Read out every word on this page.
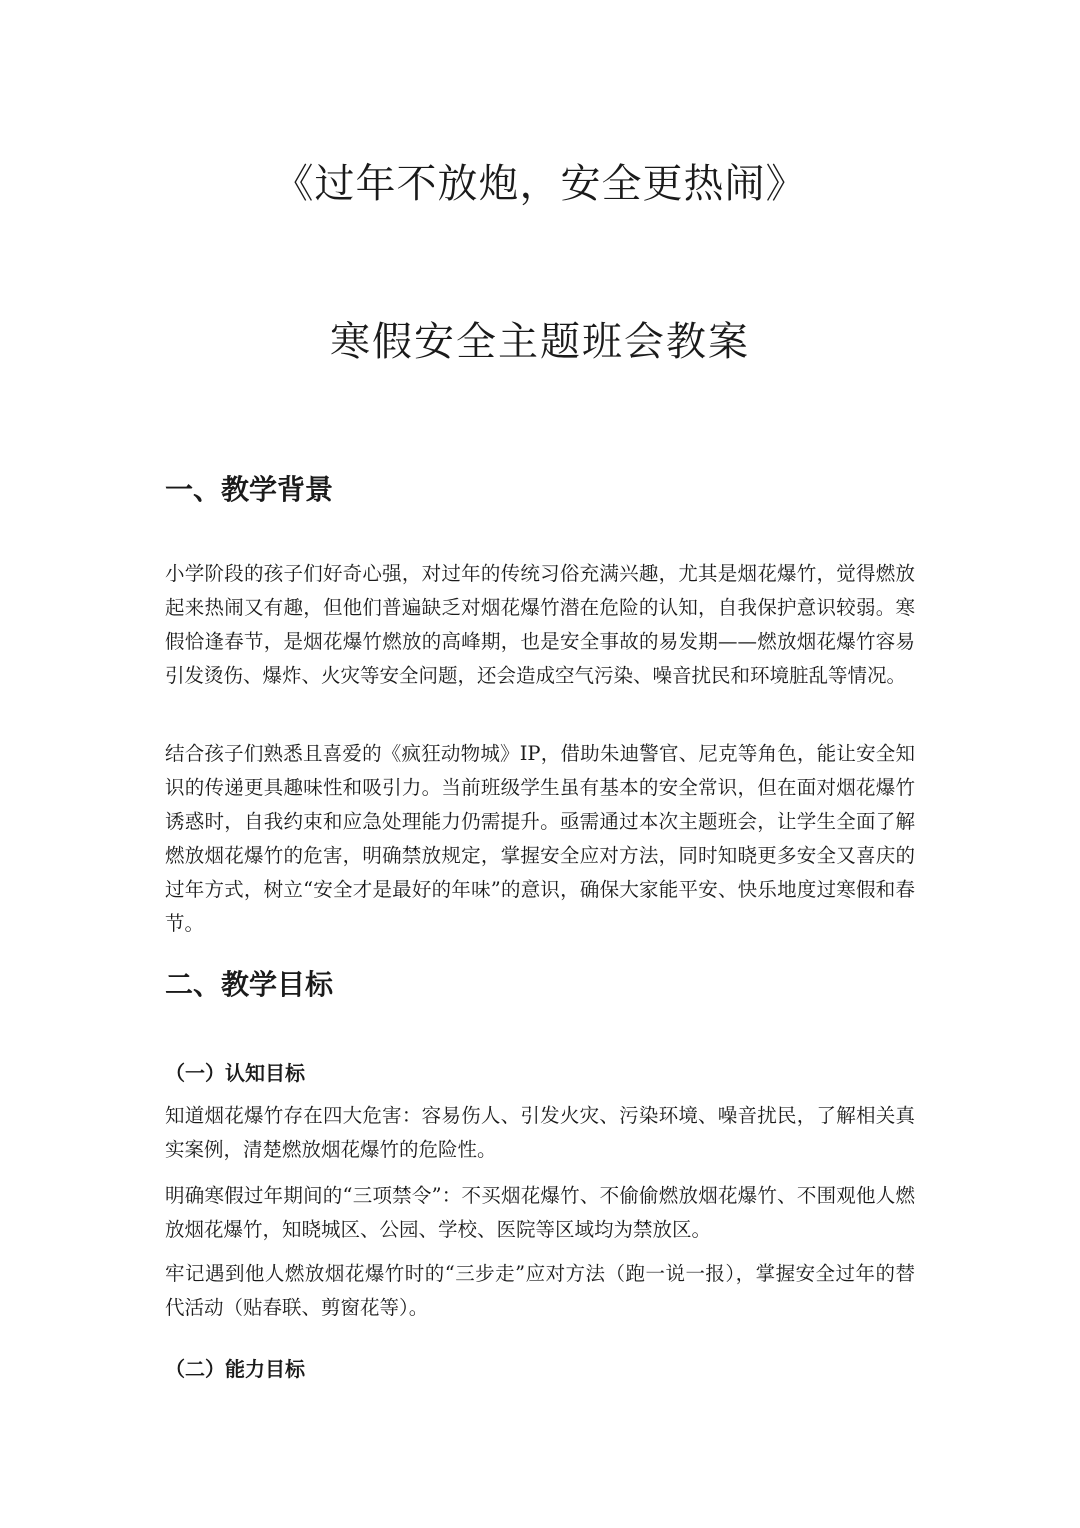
《过年不放炮，安全更热闹》
寒假安全主题班会教案
一、教学背景

小学阶段的孩子们好奇心强，对过年的传统习俗充满兴趣，尤其是烟花爆竹，觉得燃放起来热闹又有趣，但他们普遍缺乏对烟花爆竹潜在危险的认知，自我保护意识较弱。寒假恰逢春节，是烟花爆竹燃放的高峰期，也是安全事故的易发期——燃放烟花爆竹容易引发烫伤、爆炸、火灾等安全问题，还会造成空气污染、噪音扰民和环境脏乱等情况。

结合孩子们熟悉且喜爱的《疯狂动物城》IP，借助朱迪警官、尼克等角色，能让安全知识的传递更具趣味性和吸引力。当前班级学生虽有基本的安全常识，但在面对烟花爆竹诱惑时，自我约束和应急处理能力仍需提升。亟需通过本次主题班会，让学生全面了解燃放烟花爆竹的危害，明确禁放规定，掌握安全应对方法，同时知晓更多安全又喜庆的过年方式，树立“安全才是最好的年味”的意识，确保大家能平安、快乐地度过寒假和春节。

二、教学目标
（一）认知目标

知道烟花爆竹存在四大危害：容易伤人、引发火灾、污染环境、噪音扰民，了解相关真实案例，清楚燃放烟花爆竹的危险性。

明确寒假过年期间的“三项禁令”：不买烟花爆竹、不偷偷燃放烟花爆竹、不围观他人燃放烟花爆竹，知晓城区、公园、学校、医院等区域均为禁放区。

牢记遇到他人燃放烟花爆竹时的“三步走”应对方法（跑一说一报），掌握安全过年的替代活动（贴春联、剪窗花等）。

（二）能力目标
